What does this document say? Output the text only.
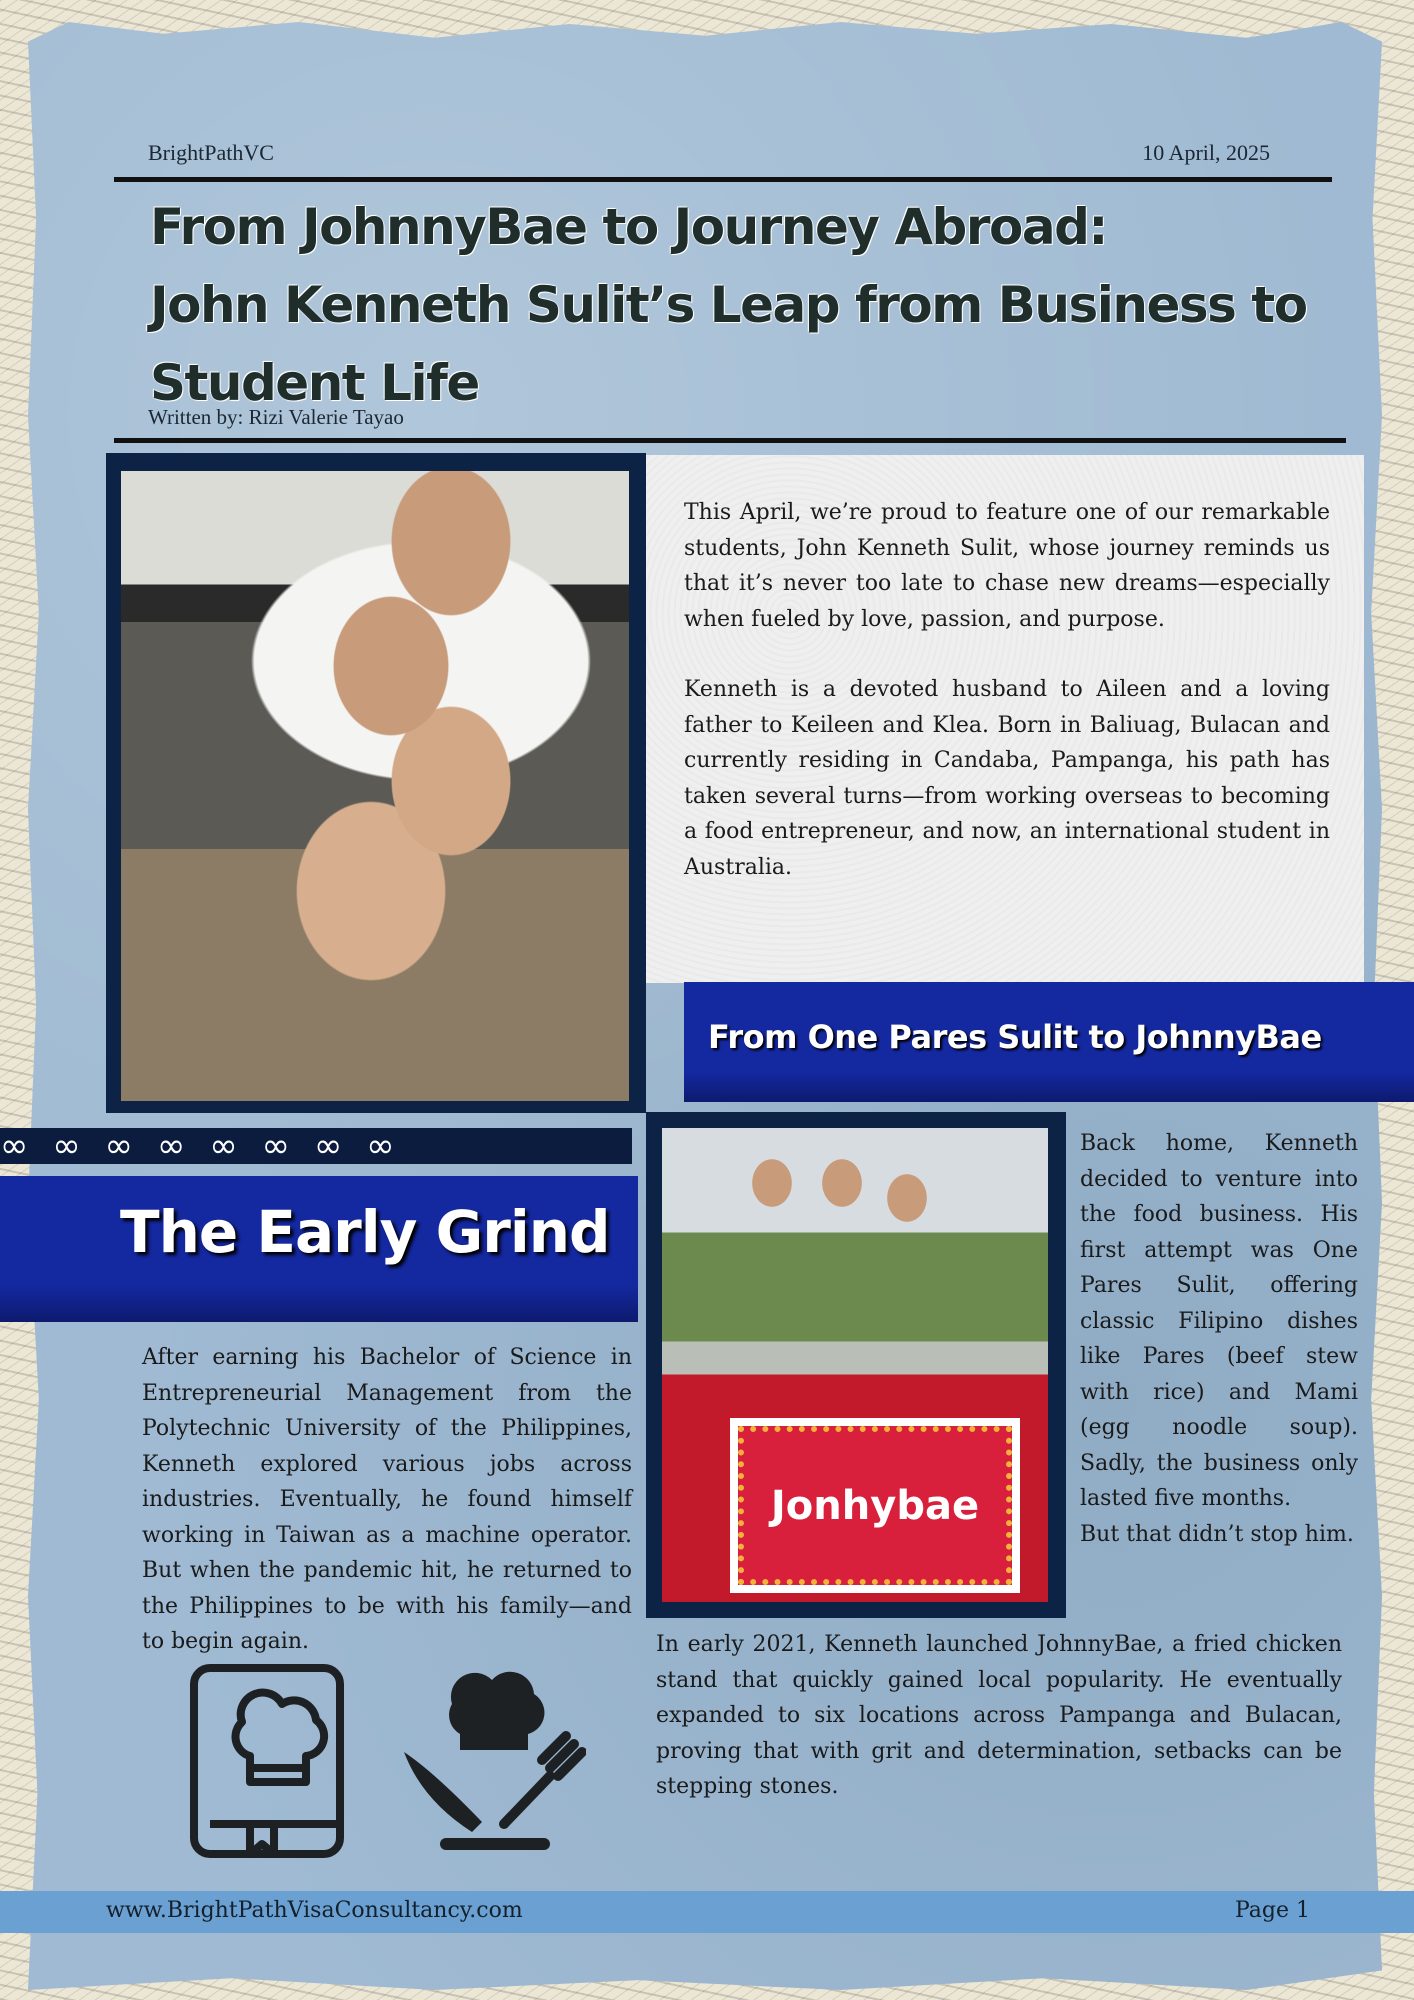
BrightPathVC	10 April, 2025
From JohnnyBae to Journey Abroad:
John Kenneth Sulit’s Leap from Business to
Student Life
Written by: Rizi Valerie Tayao

This April, we’re proud to feature one of our remarkable students, John Kenneth Sulit, whose journey reminds us that it’s never too late to chase new dreams—especially when fueled by love, passion, and purpose.

Kenneth is a devoted husband to Aileen and a loving father to Keileen and Klea. Born in Baliuag, Bulacan and currently residing in Candaba, Pampanga, his path has taken several turns—from working overseas to becoming a food entrepreneur, and now, an international student in Australia.

From One Pares Sulit to JohnnyBae
∞ ∞ ∞ ∞ ∞ ∞ ∞ ∞
The Early Grind

After earning his Bachelor of Science in Entrepreneurial Management from the Polytechnic University of the Philippines, Kenneth explored various jobs across industries. Eventually, he found himself working in Taiwan as a machine operator. But when the pandemic hit, he returned to the Philippines to be with his family—and to begin again.

Jonhybae

Back home, Kenneth decided to venture into the food business. His first attempt was One Pares Sulit, offering classic Filipino dishes like Pares (beef stew with rice) and Mami (egg noodle soup). Sadly, the business only lasted five months.

But that didn’t stop him.

In early 2021, Kenneth launched JohnnyBae, a fried chicken stand that quickly gained local popularity. He eventually expanded to six locations across Pampanga and Bulacan, proving that with grit and determination, setbacks can be stepping stones.

www.BrightPathVisaConsultancy.com	Page 1
